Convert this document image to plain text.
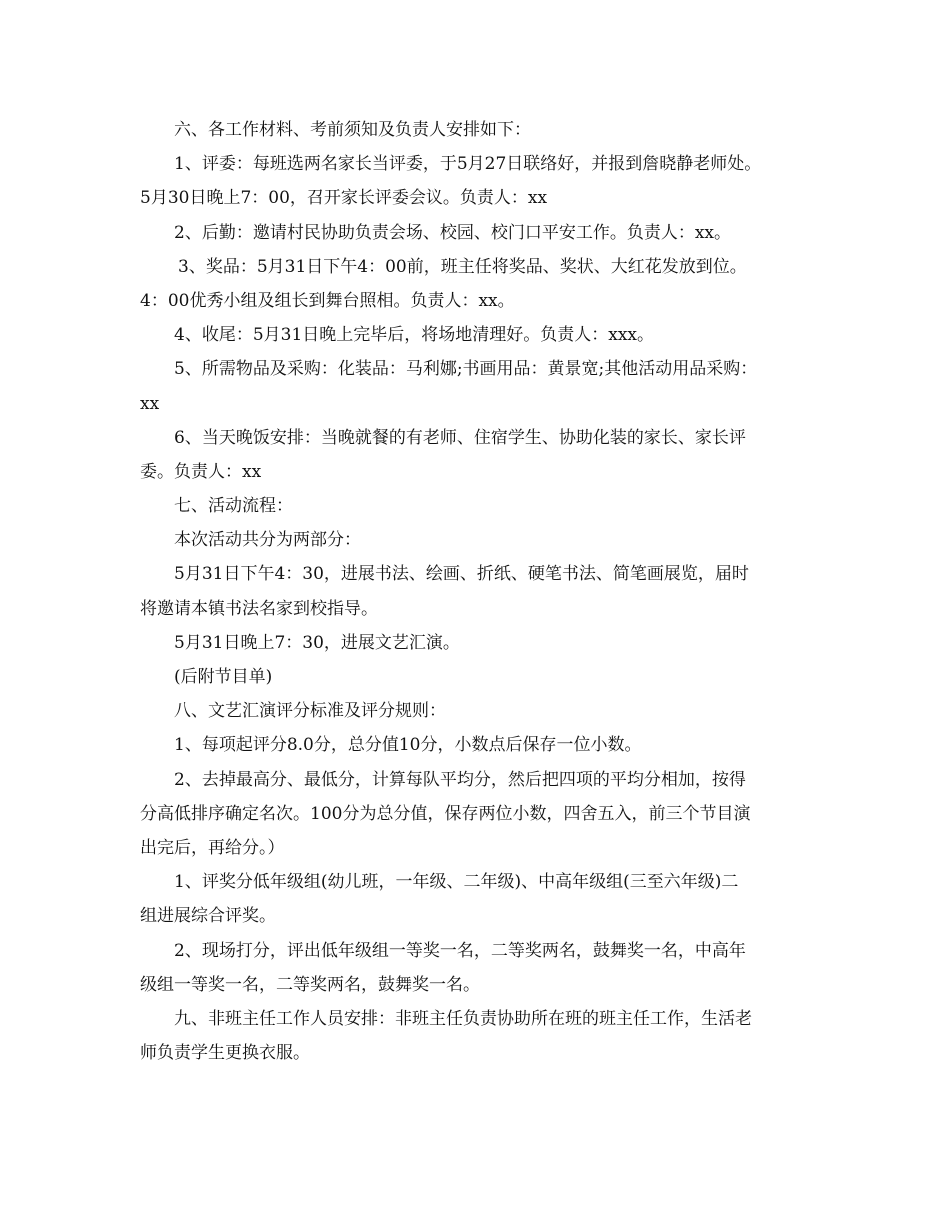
六、各工作材料、考前须知及负责人安排如下：
1、评委：每班选两名家长当评委，于5月27日联络好，并报到詹晓静老师处。
5月30日晚上7：00，召开家长评委会议。负责人：xx
2、后勤：邀请村民协助负责会场、校园、校门口平安工作。负责人：xx。
3、奖品：5月31日下午4：00前，班主任将奖品、奖状、大红花发放到位。
4：00优秀小组及组长到舞台照相。负责人：xx。
4、收尾：5月31日晚上完毕后，将场地清理好。负责人：xxx。
5、所需物品及采购：化装品：马利娜;书画用品：黄景宽;其他活动用品采购：
xx
6、当天晚饭安排：当晚就餐的有老师、住宿学生、协助化装的家长、家长评
委。负责人：xx
七、活动流程：
本次活动共分为两部分：
5月31日下午4：30，进展书法、绘画、折纸、硬笔书法、简笔画展览，届时
将邀请本镇书法名家到校指导。
5月31日晚上7：30，进展文艺汇演。
(后附节目单)
八、文艺汇演评分标准及评分规则：
1、每项起评分8.0分，总分值10分，小数点后保存一位小数。
2、去掉最高分、最低分，计算每队平均分，然后把四项的平均分相加，按得
分高低排序确定名次。100分为总分值，保存两位小数，四舍五入，前三个节目演
出完后，再给分。）
1、评奖分低年级组(幼儿班，一年级、二年级)、中高年级组(三至六年级)二
组进展综合评奖。
2、现场打分，评出低年级组一等奖一名，二等奖两名，鼓舞奖一名，中高年
级组一等奖一名，二等奖两名，鼓舞奖一名。
九、非班主任工作人员安排：非班主任负责协助所在班的班主任工作，生活老
师负责学生更换衣服。
